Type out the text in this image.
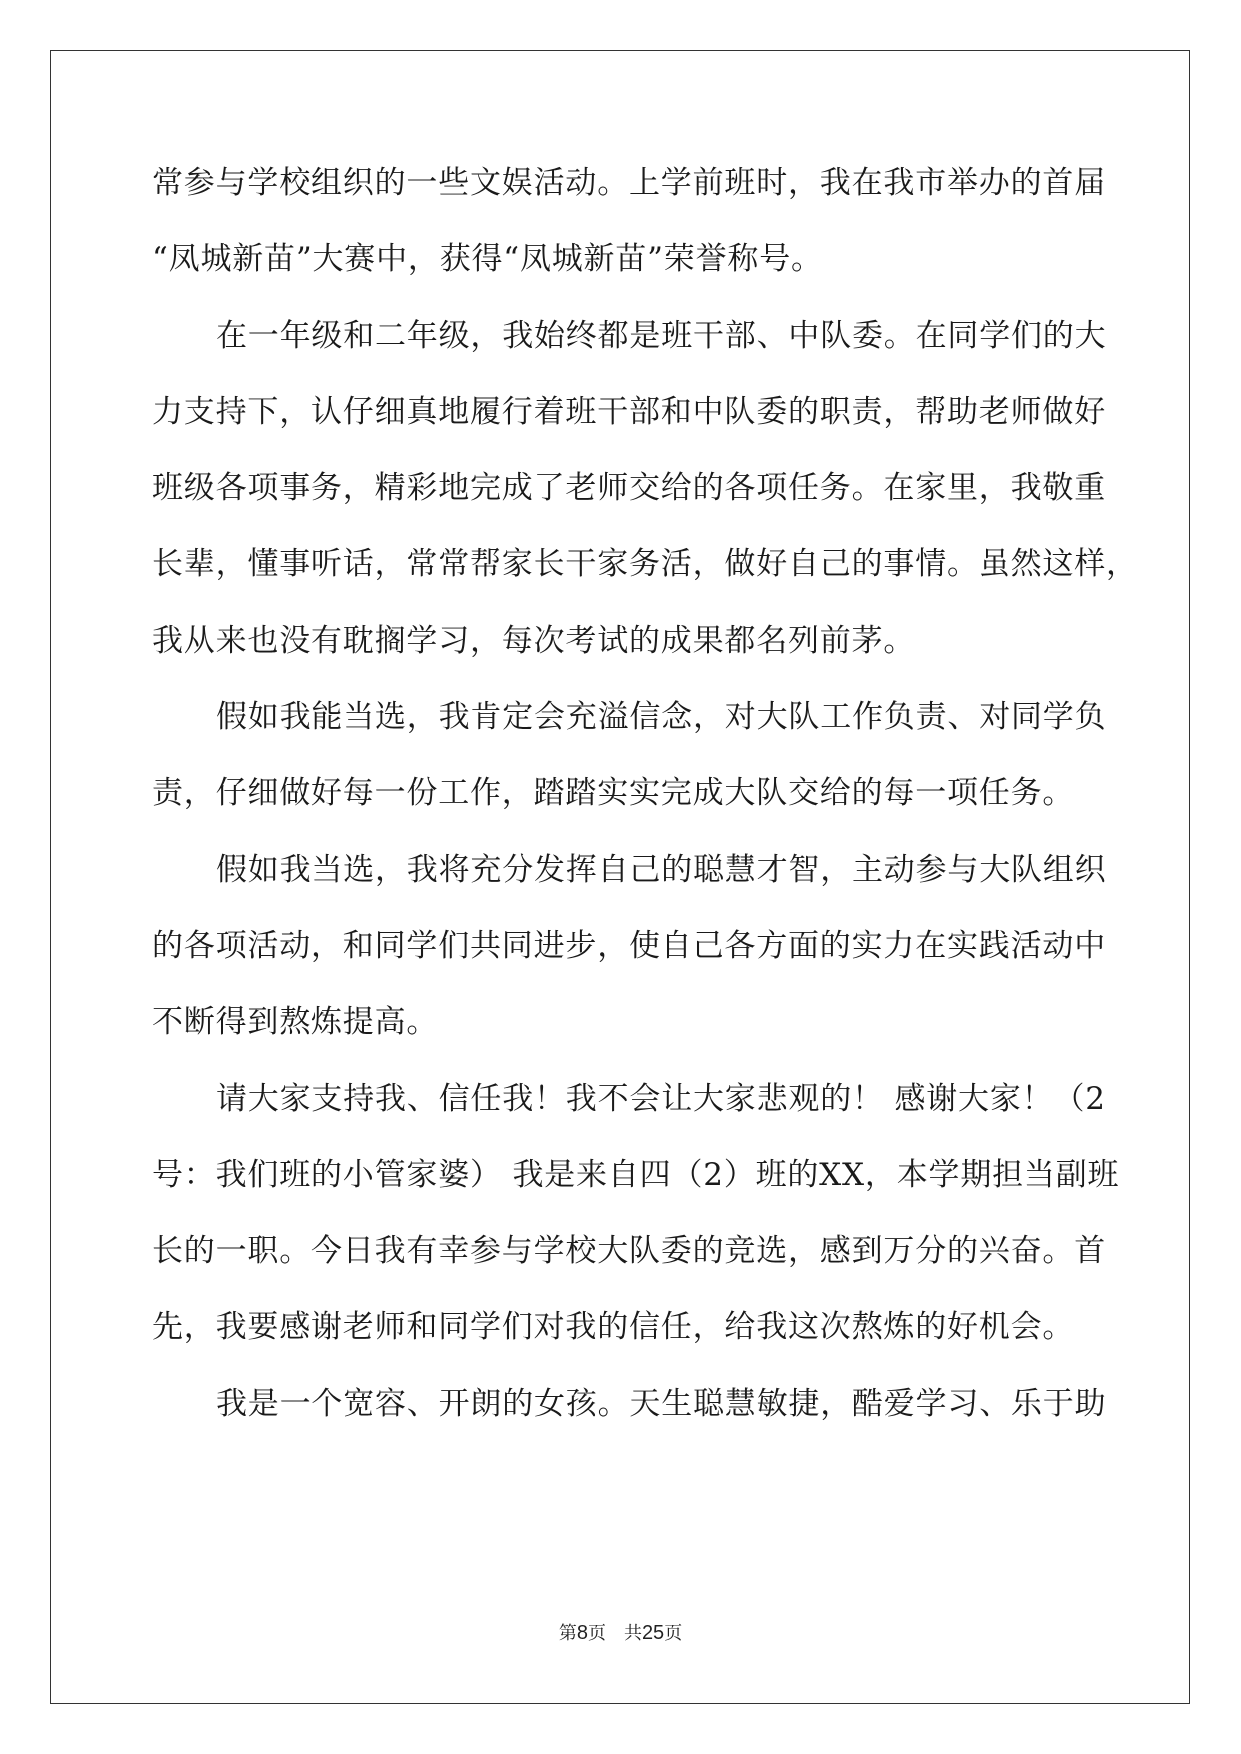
常参与学校组织的一些文娱活动。上学前班时，我在我市举办的首届
“凤城新苗”大赛中，获得“凤城新苗”荣誉称号。
在一年级和二年级，我始终都是班干部、中队委。在同学们的大
力支持下，认仔细真地履行着班干部和中队委的职责，帮助老师做好
班级各项事务，精彩地完成了老师交给的各项任务。在家里，我敬重
长辈，懂事听话，常常帮家长干家务活，做好自己的事情。虽然这样，
我从来也没有耽搁学习，每次考试的成果都名列前茅。
假如我能当选，我肯定会充溢信念，对大队工作负责、对同学负
责，仔细做好每一份工作，踏踏实实完成大队交给的每一项任务。
假如我当选，我将充分发挥自己的聪慧才智，主动参与大队组织
的各项活动，和同学们共同进步，使自己各方面的实力在实践活动中
不断得到熬炼提高。
请大家支持我、信任我！我不会让大家悲观的！ 感谢大家！（2
号：我们班的小管家婆） 我是来自四（2）班的XX，本学期担当副班
长的一职。今日我有幸参与学校大队委的竞选，感到万分的兴奋。首
先，我要感谢老师和同学们对我的信任，给我这次熬炼的好机会。
我是一个宽容、开朗的女孩。天生聪慧敏捷，酷爱学习、乐于助
第8页 共25页
